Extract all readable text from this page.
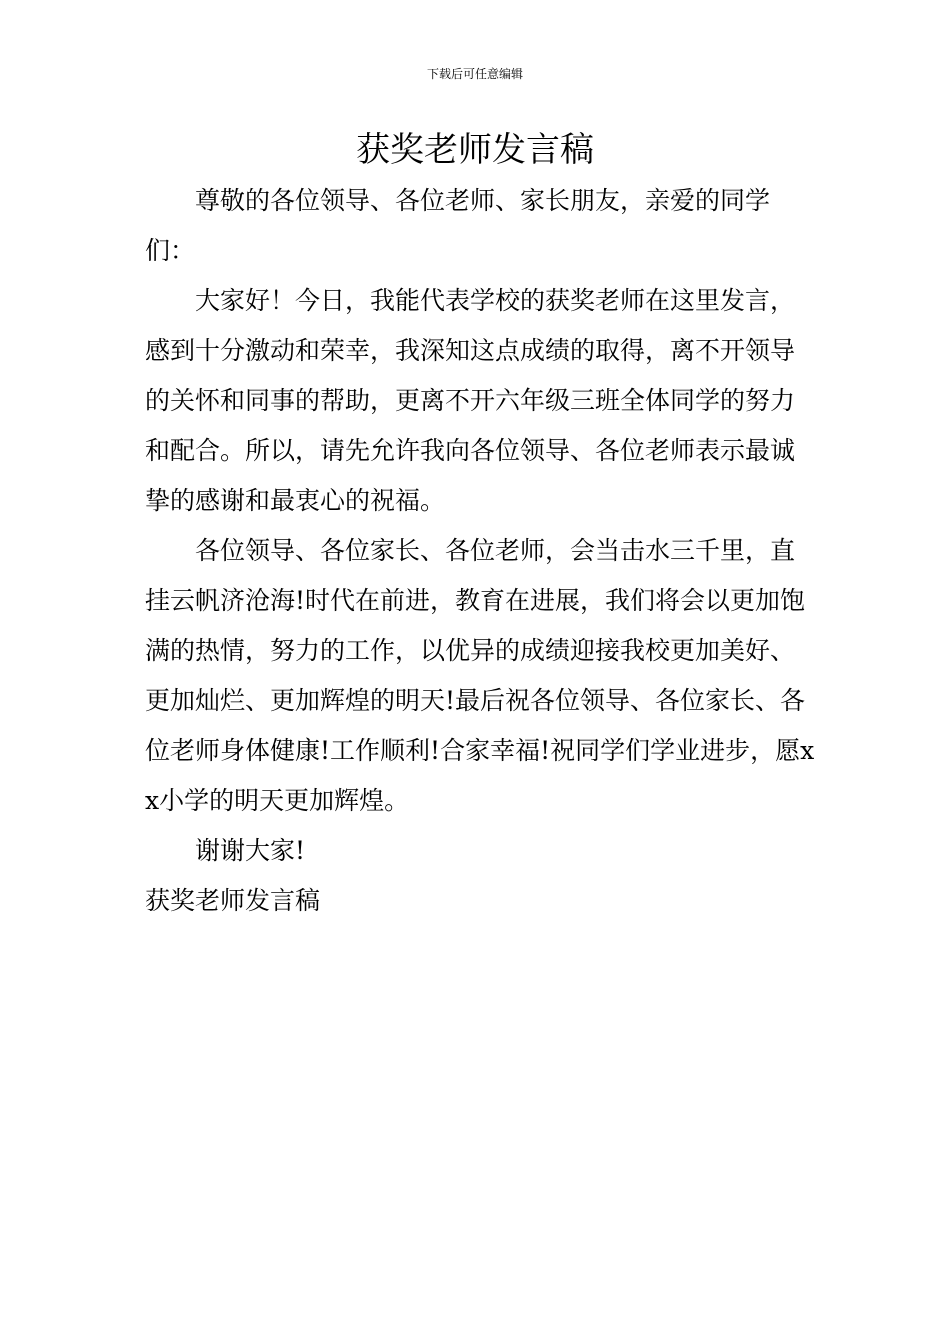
下载后可任意编辑
获奖老师发言稿

尊敬的各位领导、各位老师、家长朋友，亲爱的同学们：

大家好！今日，我能代表学校的获奖老师在这里发言，感到十分激动和荣幸，我深知这点成绩的取得，离不开领导的关怀和同事的帮助，更离不开六年级三班全体同学的努力和配合。所以，请先允许我向各位领导、各位老师表示最诚挚的感谢和最衷心的祝福。

各位领导、各位家长、各位老师，会当击水三千里，直挂云帆济沧海!时代在前进，教育在进展，我们将会以更加饱满的热情，努力的工作，以优异的成绩迎接我校更加美好、更加灿烂、更加辉煌的明天!最后祝各位领导、各位家长、各位老师身体健康!工作顺利!合家幸福!祝同学们学业进步，愿xx小学的明天更加辉煌。

谢谢大家!

获奖老师发言稿
